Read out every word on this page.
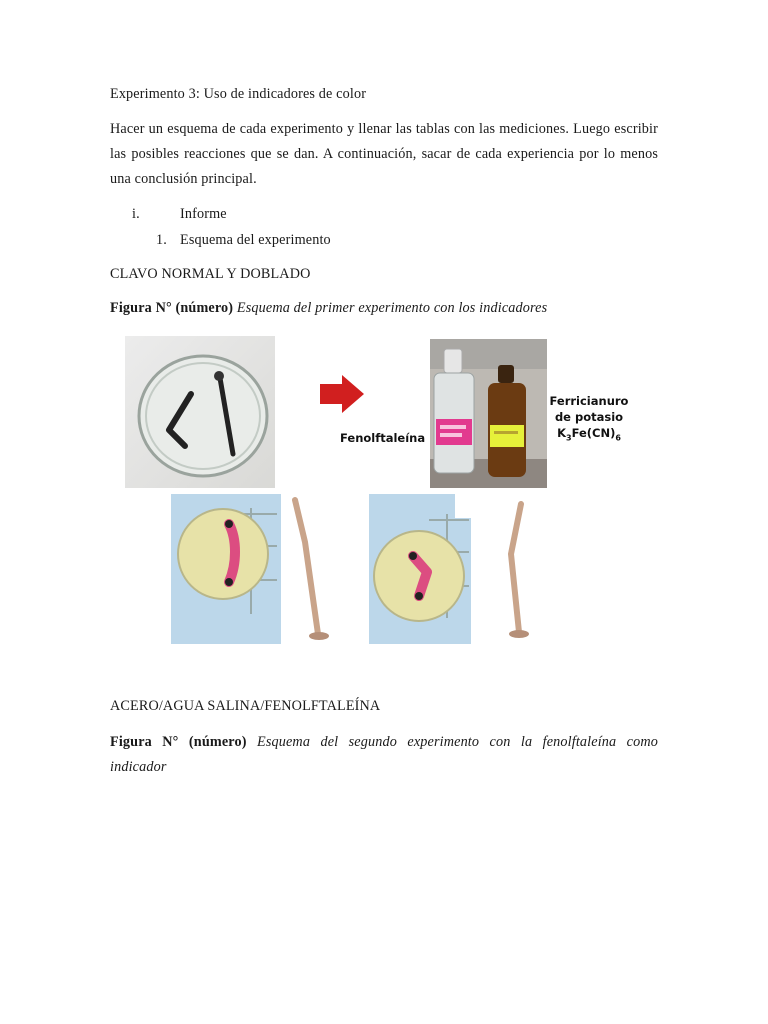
Experimento 3: Uso de indicadores de color
Hacer un esquema de cada experimento y llenar las tablas con las mediciones. Luego escribir las posibles reacciones que se dan. A continuación, sacar de cada experiencia por lo menos una conclusión principal.
i.	Informe
1. Esquema del experimento
CLAVO NORMAL Y DOBLADO
Figura N° (número) Esquema del primer experimento con los indicadores
Fenolftaleína
Ferricianuro
de potasio
$K_3Fe(CN)_6$
ACERO/AGUA SALINA/FENOLFTALEÍNA
Figura N° (número) Esquema del segundo experimento con la fenolftaleína como
indicador
